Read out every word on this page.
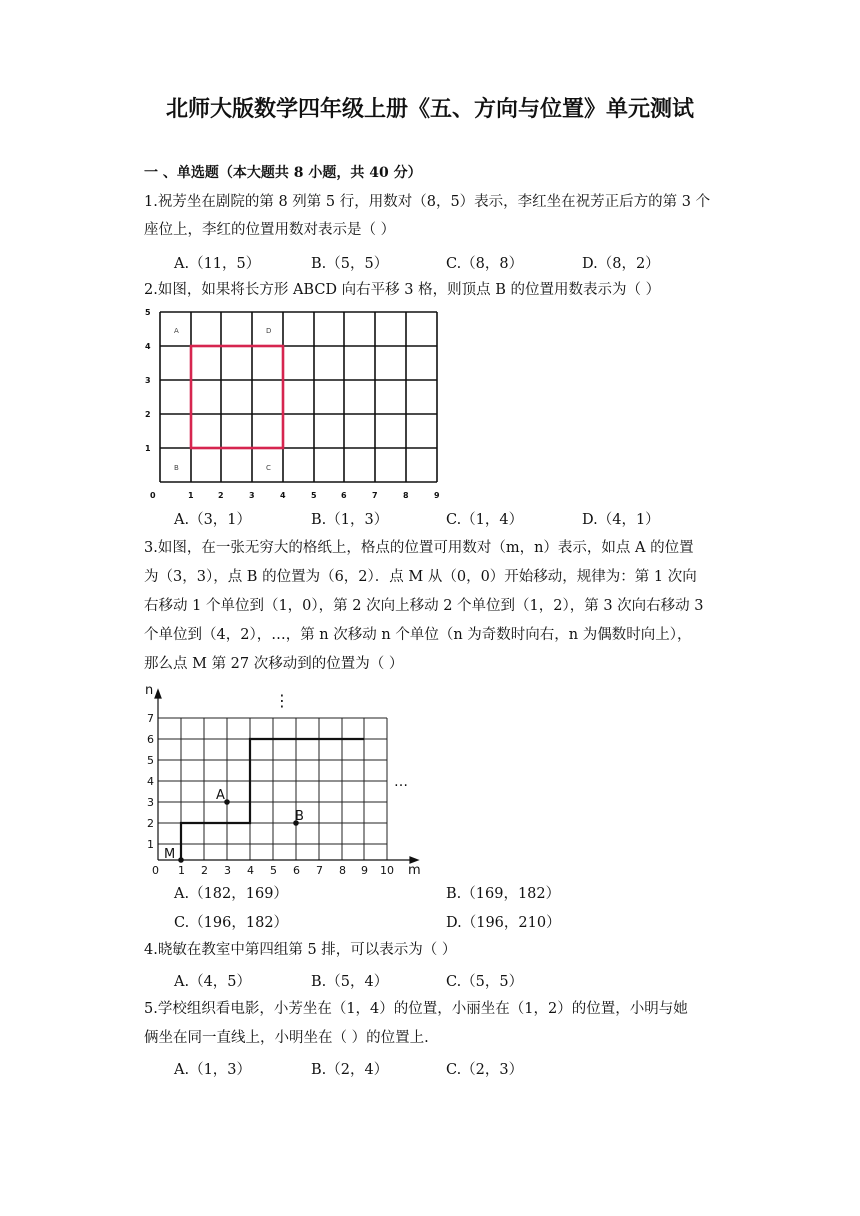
北师大版数学四年级上册《五、方向与位置》单元测试
一 、单选题（本大题共 8 小题，共 40 分）
1.祝芳坐在剧院的第 8 列第 5 行，用数对（8，5）表示，李红坐在祝芳正后方的第 3 个
座位上，李红的位置用数对表示是（ ）
A.（11，5）	B.（5，5）	C.（8，8）	D.（8，2）
2.如图，如果将长方形 ABCD 向右平移 3 格，则顶点 B 的位置用数表示为（ ）
A	D
B	C
5
4
3
2
1
0	1	2	3	4	5	6	7	8	9
A.（3，1）	B.（1，3）	C.（1，4）	D.（4，1）
3.如图，在一张无穷大的格纸上，格点的位置可用数对（m，n）表示，如点 A 的位置
为（3，3），点 B 的位置为（6，2）．点 M 从（0，0）开始移动，规律为：第 1 次向
右移动 1 个单位到（1，0），第 2 次向上移动 2 个单位到（1，2），第 3 次向右移动 3
个单位到（4，2），…，第 n 次移动 n 个单位（n 为奇数时向右，n 为偶数时向上），
那么点 M 第 27 次移动到的位置为（ ）
A
B
M
n
m
⋮
…
7
6
5
4
3
2
1
0 1 2 3 4 5 6 7 8 9 10
A.（182，169）	B.（169，182）
C.（196，182）	D.（196，210）
4.晓敏在教室中第四组第 5 排，可以表示为（ ）
A.（4，5）	B.（5，4）	C.（5，5）
5.学校组织看电影，小芳坐在（1，4）的位置，小丽坐在（1，2）的位置，小明与她
俩坐在同一直线上，小明坐在（ ）的位置上.
A.（1，3）	B.（2，4）	C.（2，3）
